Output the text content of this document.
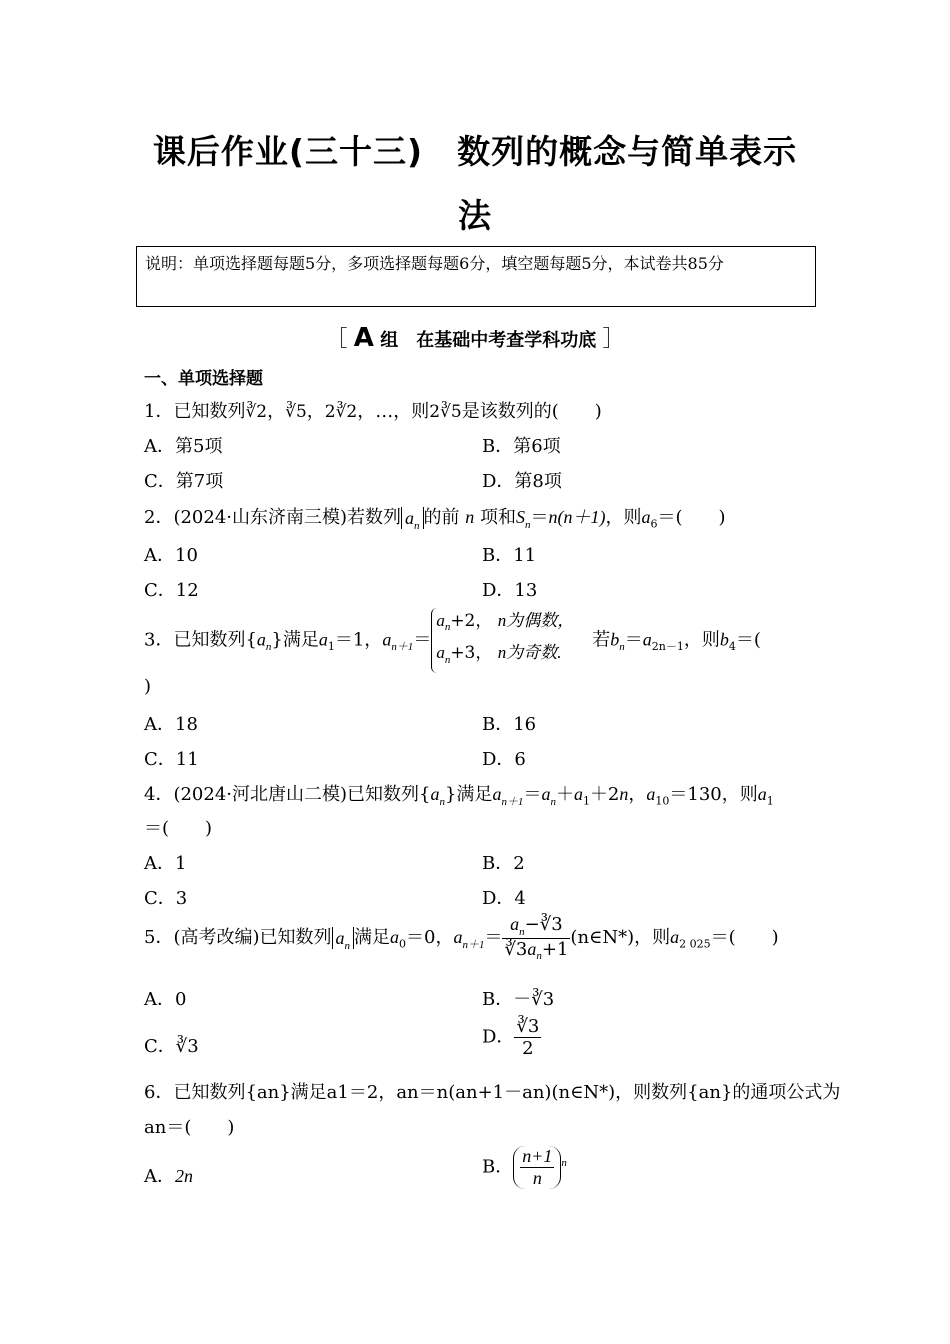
课后作业(三十三)　数列的概念与简单表示
法
说明：单项选择题每题5分，多项选择题每题6分，填空题每题5分，本试卷共85分
［ A 组　在基础中考查学科功底 ］
一、单项选择题
1．已知数列∛2，∛5，2∛2，…，则2∛5是该数列的(　　)
A．第5项	B．第6项
C．第7项	D．第8项
2．(2024·山东济南三模)若数列 $a_n$ 的前 n 项和$S_n=n(n+1)$，则$a_6=$(　　)
A．10	B．11
C．12	D．13
3．已知数列$\{a_n\}$满足$a_1=1$，$a_{n+1}=$
$a_n+2$， n为偶数，
$a_n+3$， n为奇数.
　若$b_n=a_{2n-1}$，则$b_4=$(
)
A．18	B．16
C．11	D．6
4．(2024·河北唐山二模)已知数列$\{a_n\}$满足$a_{n+1}=a_n+a_1+2n$，$a_{10}=130$，则$a_1$
＝(　　)
A．1	B．2
C．3	D．4
5．(高考改编)已知数列 $a_n$ 满足$a_0=0$，$a_{n+1}= \frac{a_n-∛3}{∛3a_n+1}$ (n∈N*)，则$a_{2 025}=$(　　)
A．0	B．－∛3
C．∛3	D． $\frac{∛3}{2}$
6．已知数列{an}满足a1＝2，an＝n(an+1－an)(n∈N*)，则数列{an}的通项公式为
an＝(　　)
A．2n	B． $\frac{n+1}{n} ^n$
